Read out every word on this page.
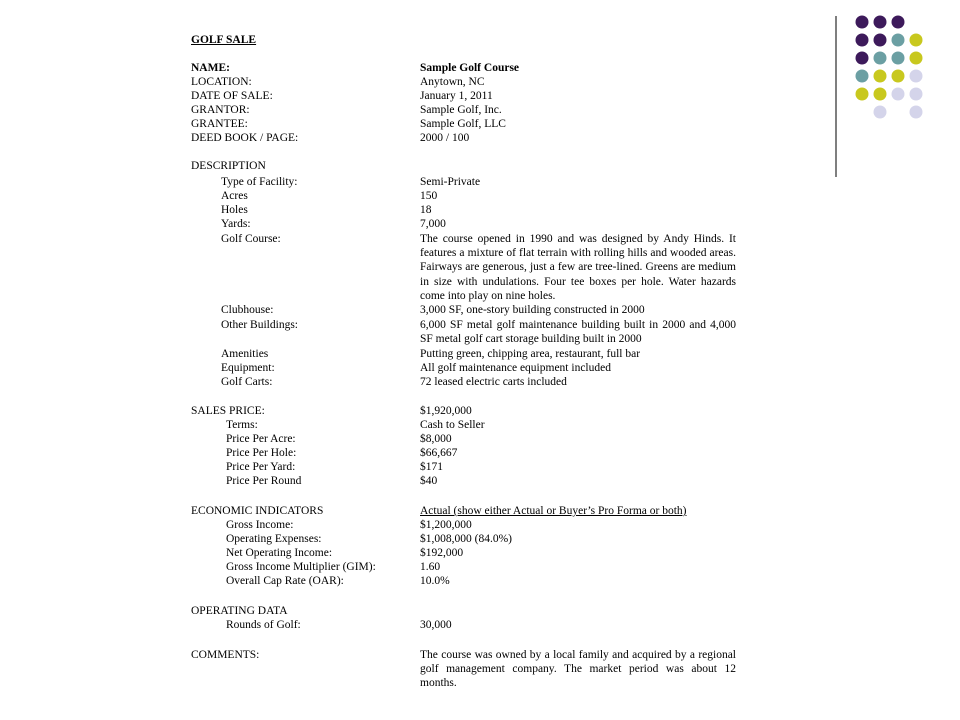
GOLF SALE
NAME:	Sample Golf Course
LOCATION:	Anytown, NC
DATE OF SALE:	January 1, 2011
GRANTOR:	Sample Golf, Inc.
GRANTEE:	Sample Golf, LLC
DEED BOOK / PAGE:	2000 / 100
DESCRIPTION
Type of Facility:	Semi-Private
Acres	150
Holes	18
Yards:	7,000
Golf Course:	The course opened in 1990 and was designed by Andy Hinds. It features a mixture of flat terrain with rolling hills and wooded areas. Fairways are generous, just a few are tree-lined. Greens are medium in size with undulations. Four tee boxes per hole. Water hazards come into play on nine holes.
Clubhouse:	3,000 SF, one-story building constructed in 2000
Other Buildings:	6,000 SF metal golf maintenance building built in 2000 and 4,000 SF metal golf cart storage building built in 2000
Amenities	Putting green, chipping area, restaurant, full bar
Equipment:	All golf maintenance equipment included
Golf Carts:	72 leased electric carts included
SALES PRICE:	$1,920,000
Terms:	Cash to Seller
Price Per Acre:	$8,000
Price Per Hole:	$66,667
Price Per Yard:	$171
Price Per Round	$40
ECONOMIC INDICATORS	Actual (show either Actual or Buyer’s Pro Forma or both)
Gross Income:	$1,200,000
Operating Expenses:	$1,008,000 (84.0%)
Net Operating Income:	$192,000
Gross Income Multiplier (GIM):	1.60
Overall Cap Rate (OAR):	10.0%
OPERATING DATA
Rounds of Golf:	30,000
COMMENTS:	The course was owned by a local family and acquired by a regional golf management company. The market period was about 12 months.
